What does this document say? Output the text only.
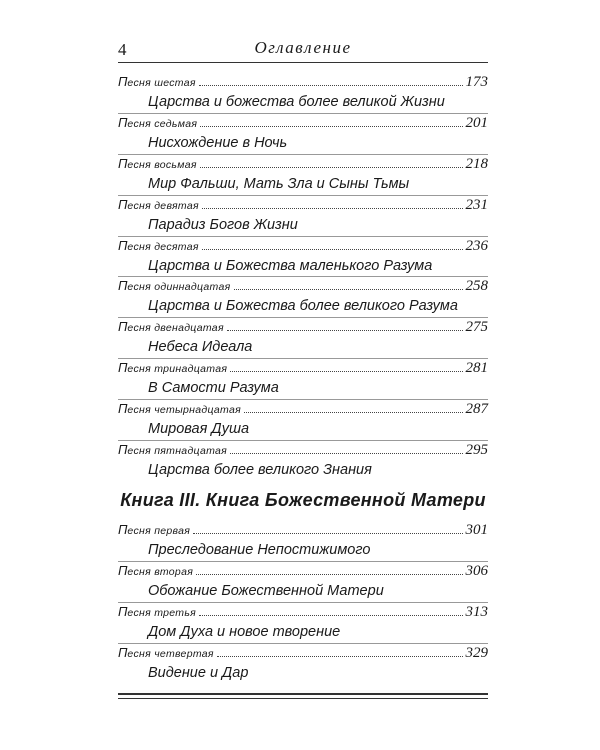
4	Оглавление
Песня шестая	173
Царства и божества более великой Жизни
Песня седьмая	201
Нисхождение в Ночь
Песня восьмая	218
Мир Фальши, Мать Зла и Сыны Тьмы
Песня девятая	231
Парадиз Богов Жизни
Песня десятая	236
Царства и Божества маленького Разума
Песня одиннадцатая	258
Царства и Божества более великого Разума
Песня двенадцатая	275
Небеса Идеала
Песня тринадцатая	281
В Самости Разума
Песня четырнадцатая	287
Мировая Душа
Песня пятнадцатая	295
Царства более великого Знания
Книга III. Книга Божественной Матери
Песня первая	301
Преследование Непостижимого
Песня вторая	306
Обожание Божественной Матери
Песня третья	313
Дом Духа и новое творение
Песня четвертая	329
Видение и Дар
